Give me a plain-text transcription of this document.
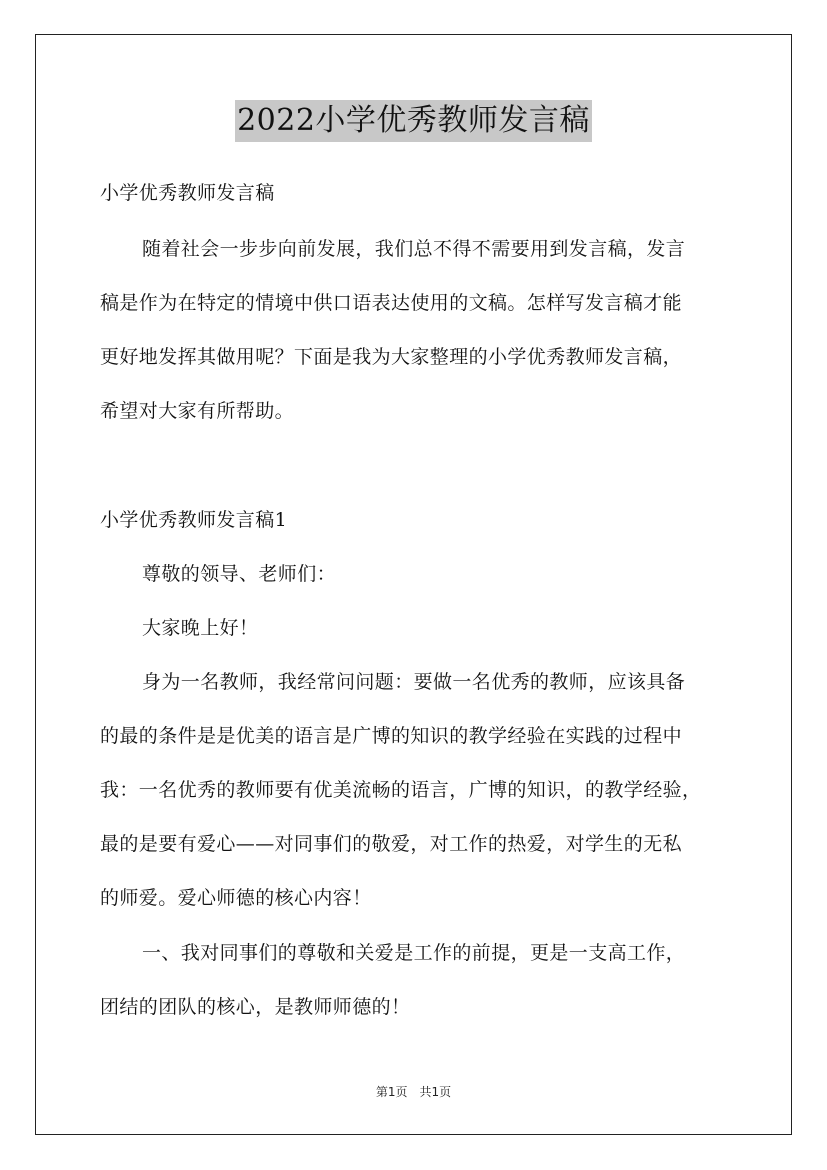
2022小学优秀教师发言稿
小学优秀教师发言稿
随着社会一步步向前发展，我们总不得不需要用到发言稿，发言
稿是作为在特定的情境中供口语表达使用的文稿。怎样写发言稿才能
更好地发挥其做用呢？下面是我为大家整理的小学优秀教师发言稿，
希望对大家有所帮助。
小学优秀教师发言稿1
尊敬的领导、老师们：
大家晚上好！
身为一名教师，我经常问问题：要做一名优秀的教师，应该具备
的最的条件是是优美的语言是广博的知识的教学经验在实践的过程中
我：一名优秀的教师要有优美流畅的语言，广博的知识，的教学经验，
最的是要有爱心——对同事们的敬爱，对工作的热爱，对学生的无私
的师爱。爱心师德的核心内容！
一、我对同事们的尊敬和关爱是工作的前提，更是一支高工作，
团结的团队的核心，是教师师德的！
第1页　共1页
